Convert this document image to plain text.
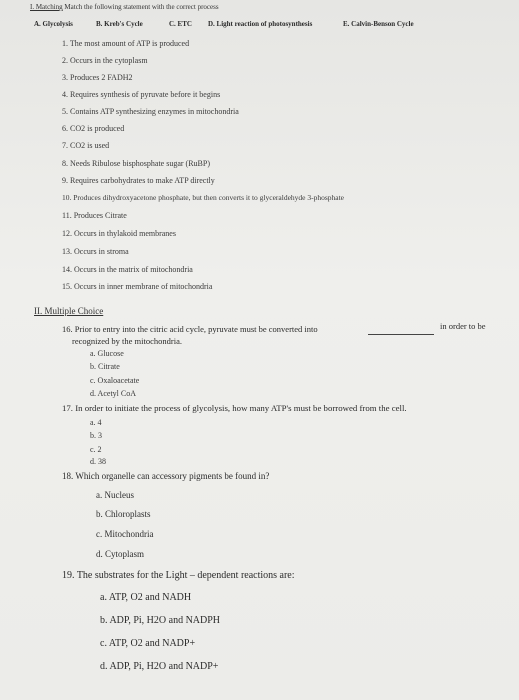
I. Matching Match the following statement with the correct process
A. Glycolysis	B. Kreb's Cycle	C. ETC D. Light reaction of photosynthesis	E. Calvin-Benson Cycle
1. The most amount of ATP is produced
2. Occurs in the cytoplasm
3. Produces 2 FADH2
4. Requires synthesis of pyruvate before it begins
5. Contains ATP synthesizing enzymes in mitochondria
6. CO2 is produced
7. CO2 is used
8. Needs Ribulose bisphosphate sugar (RuBP)
9. Requires carbohydrates to make ATP directly
10. Produces dihydroxyacetone phosphate, but then converts it to glyceraldehyde 3-phosphate
11. Produces Citrate
12. Occurs in thylakoid membranes
13. Occurs in stroma
14. Occurs in the matrix of mitochondria
15. Occurs in inner membrane of mitochondria
II. Multiple Choice
16. Prior to entry into the citric acid cycle, pyruvate must be converted into	in order to be
recognized by the mitochondria.
a. Glucose
b. Citrate
c. Oxaloacetate
d. Acetyl CoA
17. In order to initiate the process of glycolysis, how many ATP's must be borrowed from the cell.
a. 4
b. 3
c. 2
d. 38
18. Which organelle can accessory pigments be found in?
a. Nucleus
b. Chloroplasts
c. Mitochondria
d. Cytoplasm
19. The substrates for the Light – dependent reactions are:
a. ATP, O2 and NADH
b. ADP, Pi, H2O and NADPH
c. ATP, O2 and NADP+
d. ADP, Pi, H2O and NADP+
